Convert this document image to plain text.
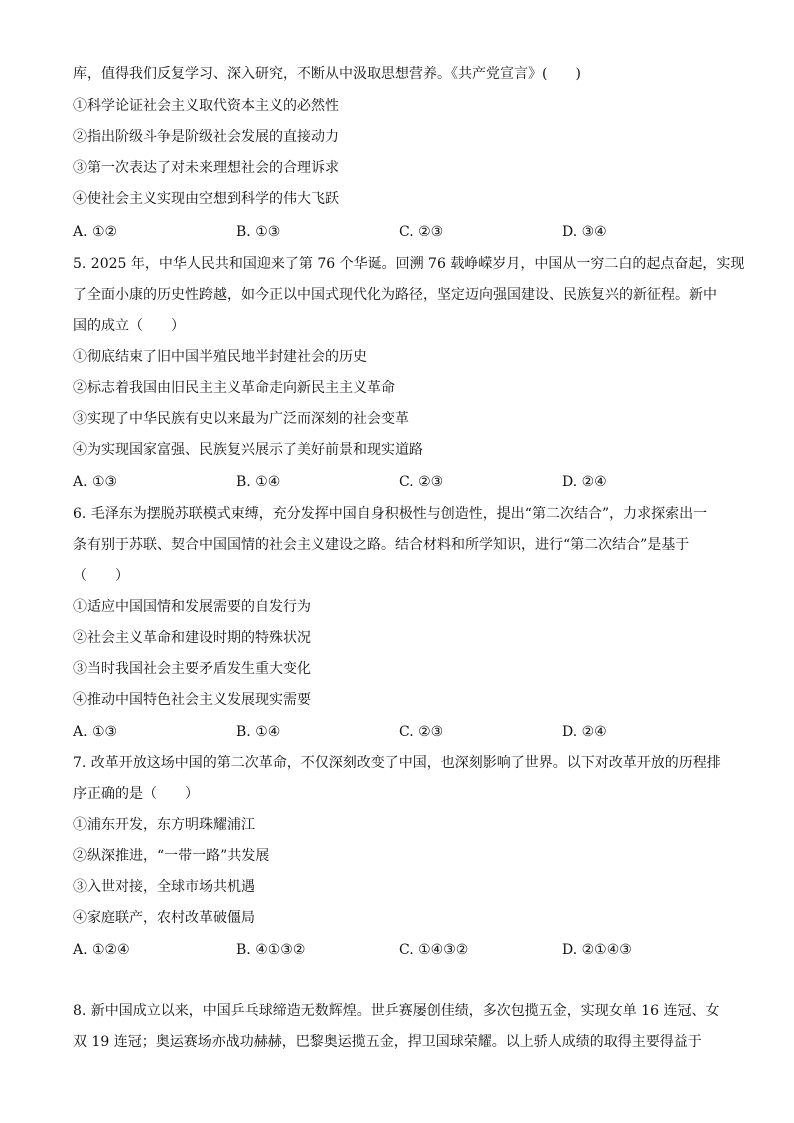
库，值得我们反复学习、深入研究，不断从中汲取思想营养。《共产党宣言》(　　)
①科学论证社会主义取代资本主义的必然性
②指出阶级斗争是阶级社会发展的直接动力
③第一次表达了对未来理想社会的合理诉求
④使社会主义实现由空想到科学的伟大飞跃
A. ①②	B. ①③	C. ②③	D. ③④
5. 2025 年，中华人民共和国迎来了第 76 个华诞。回溯 76 载峥嵘岁月，中国从一穷二白的起点奋起，实现
了全面小康的历史性跨越，如今正以中国式现代化为路径，坚定迈向强国建设、民族复兴的新征程。新中
国的成立（　　）
①彻底结束了旧中国半殖民地半封建社会的历史
②标志着我国由旧民主主义革命走向新民主主义革命
③实现了中华民族有史以来最为广泛而深刻的社会变革
④为实现国家富强、民族复兴展示了美好前景和现实道路
A. ①③	B. ①④	C. ②③	D. ②④
6. 毛泽东为摆脱苏联模式束缚，充分发挥中国自身积极性与创造性，提出“第二次结合”，力求探索出一
条有别于苏联、契合中国国情的社会主义建设之路。结合材料和所学知识，进行“第二次结合”是基于
（　　）
①适应中国国情和发展需要的自发行为
②社会主义革命和建设时期的特殊状况
③当时我国社会主要矛盾发生重大变化
④推动中国特色社会主义发展现实需要
A. ①③	B. ①④	C. ②③	D. ②④
7. 改革开放这场中国的第二次革命，不仅深刻改变了中国，也深刻影响了世界。以下对改革开放的历程排
序正确的是（　　）
①浦东开发，东方明珠耀浦江
②纵深推进，“一带一路”共发展
③入世对接，全球市场共机遇
④家庭联产，农村改革破僵局
A. ①②④	B. ④①③②	C. ①④③②	D. ②①④③
8. 新中国成立以来，中国乒乓球缔造无数辉煌。世乒赛屡创佳绩，多次包揽五金，实现女单 16 连冠、女
双 19 连冠；奥运赛场亦战功赫赫，巴黎奥运揽五金，捍卫国球荣耀。以上骄人成绩的取得主要得益于
